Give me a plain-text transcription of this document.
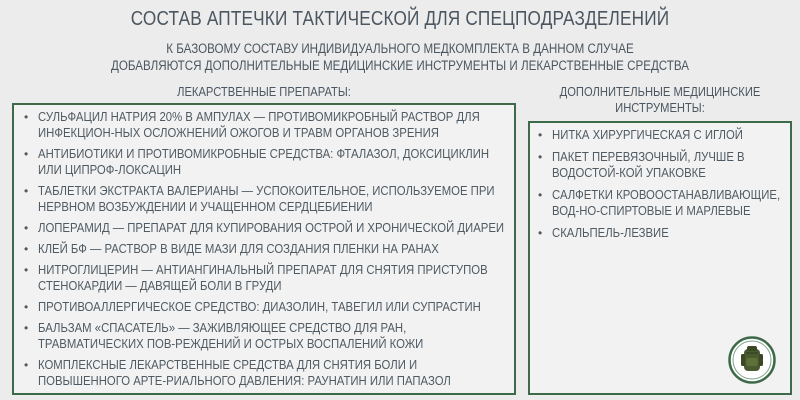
СОСТАВ АПТЕЧКИ ТАКТИЧЕСКОЙ ДЛЯ СПЕЦПОДРАЗДЕЛЕНИЙ
К БАЗОВОМУ СОСТАВУ ИНДИВИДУАЛЬНОГО МЕДКОМПЛЕКТА В ДАННОМ СЛУЧАЕ
ДОБАВЛЯЮТСЯ ДОПОЛНИТЕЛЬНЫЕ МЕДИЦИНСКИЕ ИНСТРУМЕНТЫ И ЛЕКАРСТВЕННЫЕ СРЕДСТВА
ЛЕКАРСТВЕННЫЕ ПРЕПАРАТЫ:	ДОПОЛНИТЕЛЬНЫЕ МЕДИЦИНСКИЕ ИНСТРУМЕНТЫ:
• СУЛЬФАЦИЛ НАТРИЯ 20% В АМПУЛАХ — ПРОТИВОМИКРОБНЫЙ РАСТВОР ДЛЯ ИНФЕКЦИОН-НЫХ ОСЛОЖНЕНИЙ ОЖОГОВ И ТРАВМ ОРГАНОВ ЗРЕНИЯ
• АНТИБИОТИКИ И ПРОТИВОМИКРОБНЫЕ СРЕДСТВА: ФТАЛАЗОЛ, ДОКСИЦИКЛИН ИЛИ ЦИПРОФ-ЛОКСАЦИН
• ТАБЛЕТКИ ЭКСТРАКТА ВАЛЕРИАНЫ — УСПОКОИТЕЛЬНОЕ, ИСПОЛЬЗУЕМОЕ ПРИ НЕРВНОМ ВОЗБУЖДЕНИИ И УЧАЩЕННОМ СЕРДЦЕБИЕНИИ
• ЛОПЕРАМИД — ПРЕПАРАТ ДЛЯ КУПИРОВАНИЯ ОСТРОЙ И ХРОНИЧЕСКОЙ ДИАРЕИ
• КЛЕЙ БФ — РАСТВОР В ВИДЕ МАЗИ ДЛЯ СОЗДАНИЯ ПЛЕНКИ НА РАНАХ
• НИТРОГЛИЦЕРИН — АНТИАНГИНАЛЬНЫЙ ПРЕПАРАТ ДЛЯ СНЯТИЯ ПРИСТУПОВ СТЕНОКАРДИИ — ДАВЯЩЕЙ БОЛИ В ГРУДИ
• ПРОТИВОАЛЛЕРГИЧЕСКОЕ СРЕДСТВО: ДИАЗОЛИН, ТАВЕГИЛ ИЛИ СУПРАСТИН
• БАЛЬЗАМ «СПАСАТЕЛЬ» — ЗАЖИВЛЯЮЩЕЕ СРЕДСТВО ДЛЯ РАН, ТРАВМАТИЧЕСКИХ ПОВ-РЕЖДЕНИЙ И ОСТРЫХ ВОСПАЛЕНИЙ КОЖИ
• КОМПЛЕКСНЫЕ ЛЕКАРСТВЕННЫЕ СРЕДСТВА ДЛЯ СНЯТИЯ БОЛИ И ПОВЫШЕННОГО АРТЕ-РИАЛЬНОГО ДАВЛЕНИЯ: РАУНАТИН ИЛИ ПАПАЗОЛ
• НИТКА ХИРУРГИЧЕСКАЯ С ИГЛОЙ
• ПАКЕТ ПЕРЕВЯЗОЧНЫЙ, ЛУЧШЕ В ВОДОСТОЙ-КОЙ УПАКОВКЕ
• САЛФЕТКИ КРОВООСТАНАВЛИВАЮЩИЕ, ВОД-НО-СПИРТОВЫЕ И МАРЛЕВЫЕ
• СКАЛЬПЕЛЬ-ЛЕЗВИЕ
